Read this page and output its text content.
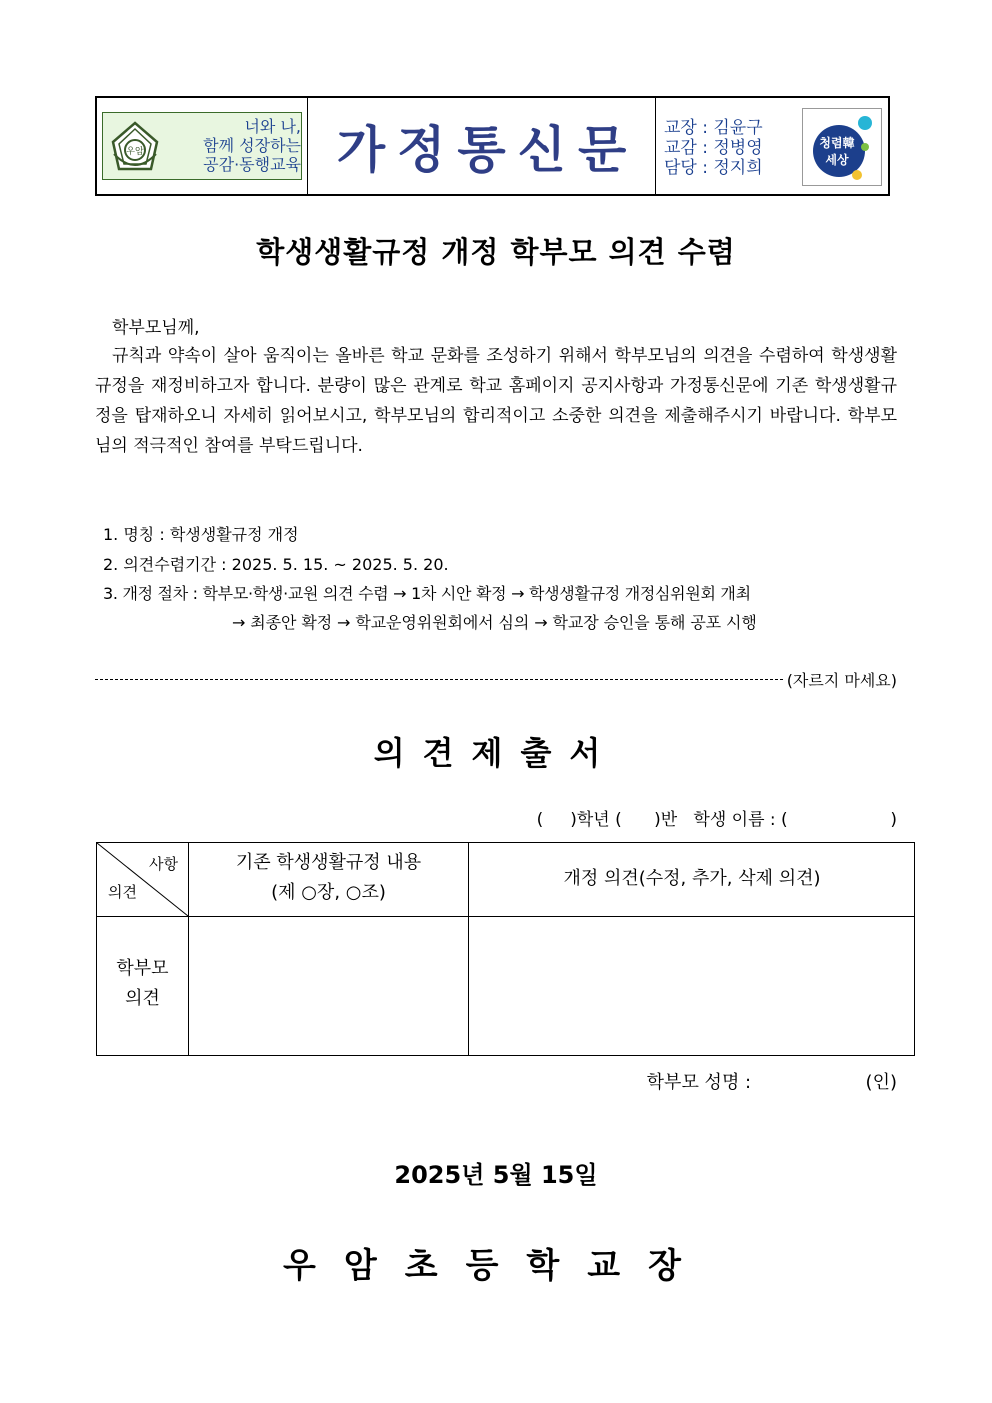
우암
너와 나,
함께 성장하는
공감·동행교육 가정통신문 교장 : 김윤구
교감 : 정병영
담당 : 정지희
청렴韓
세상
학생생활규정 개정 학부모 의견 수렴
학부모님께,
규칙과 약속이 살아 움직이는 올바른 학교 문화를 조성하기 위해서 학부모님의 의견을 수렴하여 학생생활규정을 재정비하고자 합니다. 분량이 많은 관계로 학교 홈페이지 공지사항과 가정통신문에 기존 학생생활규정을 탑재하오니 자세히 읽어보시고, 학부모님의 합리적이고 소중한 의견을 제출해주시기 바랍니다. 학부모님의 적극적인 참여를 부탁드립니다.
1. 명칭 : 학생생활규정 개정
2. 의견수렴기간 : 2025. 5. 15. ~ 2025. 5. 20.
3. 개정 절차 : 학부모·학생·교원 의견 수렴 → 1차 시안 확정 → 학생생활규정 개정심위원회 개최
→ 최종안 확정 → 학교운영위원회에서 심의 → 학교장 승인을 통해 공포 시행
(자르지 마세요)
의견제출서
(     )학년 (      )반   학생 이름 : (                   )
사항
의견
기존 학생생활규정 내용
(제 ○장, ○조)
개정 의견(수정, 추가, 삭제 의견)
학부모
의견
학부모 성명 :                    (인)
2025년 5월 15일
우암초등학교장
